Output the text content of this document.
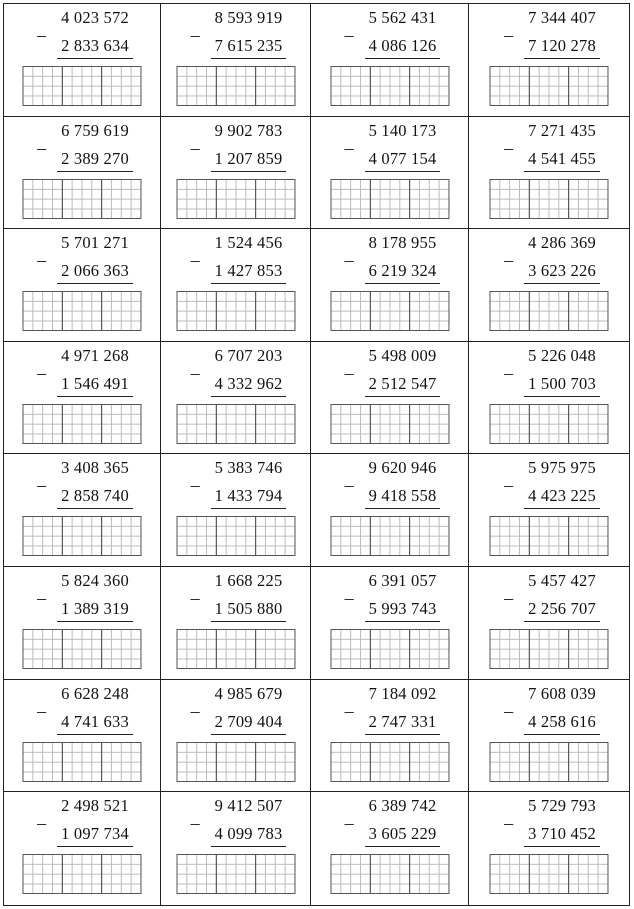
–
4 023 572
2 833 634
–
8 593 919
7 615 235
–
5 562 431
4 086 126
–
7 344 407
7 120 278
–
6 759 619
2 389 270
–
9 902 783
1 207 859
–
5 140 173
4 077 154
–
7 271 435
4 541 455
–
5 701 271
2 066 363
–
1 524 456
1 427 853
–
8 178 955
6 219 324
–
4 286 369
3 623 226
–
4 971 268
1 546 491
–
6 707 203
4 332 962
–
5 498 009
2 512 547
–
5 226 048
1 500 703
–
3 408 365
2 858 740
–
5 383 746
1 433 794
–
9 620 946
9 418 558
–
5 975 975
4 423 225
–
5 824 360
1 389 319
–
1 668 225
1 505 880
–
6 391 057
5 993 743
–
5 457 427
2 256 707
–
6 628 248
4 741 633
–
4 985 679
2 709 404
–
7 184 092
2 747 331
–
7 608 039
4 258 616
–
2 498 521
1 097 734
–
9 412 507
4 099 783
–
6 389 742
3 605 229
–
5 729 793
3 710 452
